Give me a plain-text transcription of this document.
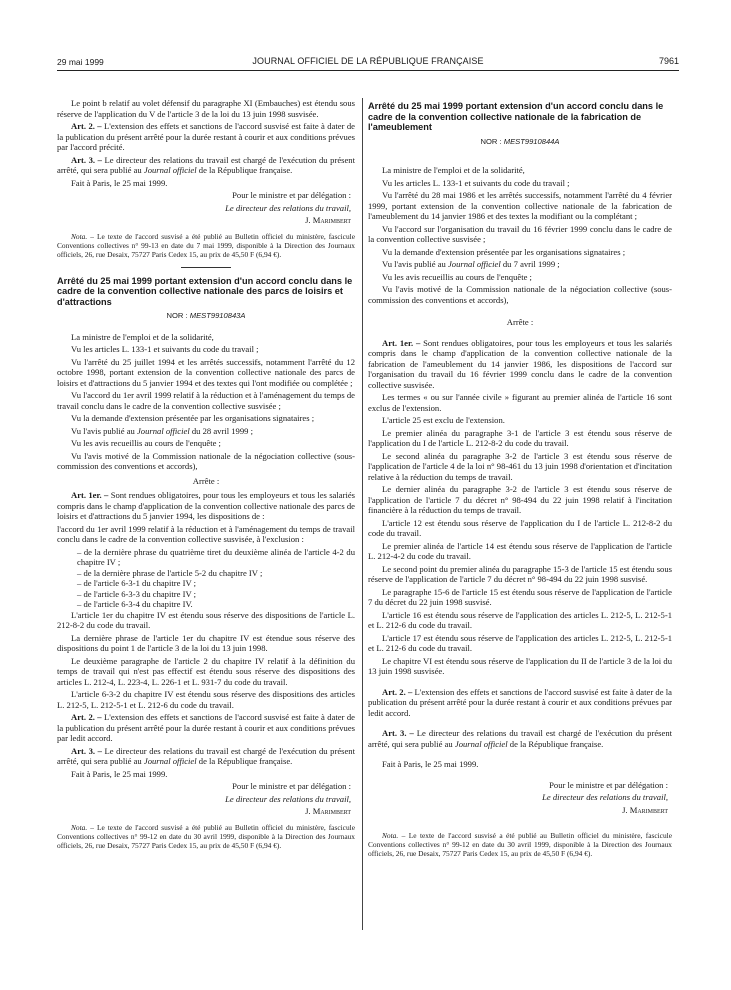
29 mai 1999	JOURNAL OFFICIEL DE LA RÉPUBLIQUE FRANÇAISE	7961

Le point b relatif au volet défensif du paragraphe XI (Embauches) est étendu sous réserve de l'application du V de l'article 3 de la loi du 13 juin 1998 susvisée.

Art. 2. – L'extension des effets et sanctions de l'accord susvisé est faite à dater de la publication du présent arrêté pour la durée restant à courir et aux conditions prévues par l'accord précité.

Art. 3. – Le directeur des relations du travail est chargé de l'exécution du présent arrêté, qui sera publié au Journal officiel de la République française.

Fait à Paris, le 25 mai 1999.

Pour le ministre et par délégation :

Le directeur des relations du travail,

J. Marimbert

Nota. – Le texte de l'accord susvisé a été publié au Bulletin officiel du ministère, fascicule Conventions collectives n° 99-13 en date du 7 mai 1999, disponible à la Direction des Journaux officiels, 26, rue Desaix, 75727 Paris Cedex 15, au prix de 45,50 F (6,94 €).

Arrêté du 25 mai 1999 portant extension d'un accord conclu dans le cadre de la convention collective nationale des parcs de loisirs et d'attractions

NOR : MEST9910843A

La ministre de l'emploi et de la solidarité,

Vu les articles L. 133-1 et suivants du code du travail ;

Vu l'arrêté du 25 juillet 1994 et les arrêtés successifs, notamment l'arrêté du 12 octobre 1998, portant extension de la convention collective nationale des parcs de loisirs et d'attractions du 5 janvier 1994 et des textes qui l'ont modifiée ou complétée ;

Vu l'accord du 1er avril 1999 relatif à la réduction et à l'aménagement du temps de travail conclu dans le cadre de la convention collective susvisée ;

Vu la demande d'extension présentée par les organisations signataires ;

Vu l'avis publié au Journal officiel du 28 avril 1999 ;

Vu les avis recueillis au cours de l'enquête ;

Vu l'avis motivé de la Commission nationale de la négociation collective (sous-commission des conventions et accords),

Arrête :

Art. 1er. – Sont rendues obligatoires, pour tous les employeurs et tous les salariés compris dans le champ d'application de la convention collective nationale des parcs de loisirs et d'attractions du 5 janvier 1994, les dispositions de :

l'accord du 1er avril 1999 relatif à la réduction et à l'aménagement du temps de travail conclu dans le cadre de la convention collective susvisée, à l'exclusion :

– de la dernière phrase du quatrième tiret du deuxième alinéa de l'article 4-2 du chapitre IV ;

– de la dernière phrase de l'article 5-2 du chapitre IV ;

– de l'article 6-3-1 du chapitre IV ;

– de l'article 6-3-3 du chapitre IV ;

– de l'article 6-3-4 du chapitre IV.

L'article 1er du chapitre IV est étendu sous réserve des dispositions de l'article L. 212-8-2 du code du travail.

La dernière phrase de l'article 1er du chapitre IV est étendue sous réserve des dispositions du point 1 de l'article 3 de la loi du 13 juin 1998.

Le deuxième paragraphe de l'article 2 du chapitre IV relatif à la définition du temps de travail qui n'est pas effectif est étendu sous réserve des dispositions des articles L. 212-4, L. 223-4, L. 226-1 et L. 931-7 du code du travail.

L'article 6-3-2 du chapitre IV est étendu sous réserve des dispositions des articles L. 212-5, L. 212-5-1 et L. 212-6 du code du travail.

Art. 2. – L'extension des effets et sanctions de l'accord susvisé est faite à dater de la publication du présent arrêté pour la durée restant à courir et aux conditions prévues par ledit accord.

Art. 3. – Le directeur des relations du travail est chargé de l'exécution du présent arrêté, qui sera publié au Journal officiel de la République française.

Fait à Paris, le 25 mai 1999.

Pour le ministre et par délégation :

Le directeur des relations du travail,

J. Marimbert

Nota. – Le texte de l'accord susvisé a été publié au Bulletin officiel du ministère, fascicule Conventions collectives n° 99-12 en date du 30 avril 1999, disponible à la Direction des Journaux officiels, 26, rue Desaix, 75727 Paris Cedex 15, au prix de 45,50 F (6,94 €).

Arrêté du 25 mai 1999 portant extension d'un accord conclu dans le cadre de la convention collective nationale de la fabrication de l'ameublement

NOR : MEST9910844A

La ministre de l'emploi et de la solidarité,

Vu les articles L. 133-1 et suivants du code du travail ;

Vu l'arrêté du 28 mai 1986 et les arrêtés successifs, notamment l'arrêté du 4 février 1999, portant extension de la convention collective nationale de la fabrication de l'ameublement du 14 janvier 1986 et des textes la modifiant ou la complétant ;

Vu l'accord sur l'organisation du travail du 16 février 1999 conclu dans le cadre de la convention collective susvisée ;

Vu la demande d'extension présentée par les organisations signataires ;

Vu l'avis publié au Journal officiel du 7 avril 1999 ;

Vu les avis recueillis au cours de l'enquête ;

Vu l'avis motivé de la Commission nationale de la négociation collective (sous-commission des conventions et accords),

Arrête :

Art. 1er. – Sont rendues obligatoires, pour tous les employeurs et tous les salariés compris dans le champ d'application de la convention collective nationale de la fabrication de l'ameublement du 14 janvier 1986, les dispositions de l'accord sur l'organisation du travail du 16 février 1999 conclu dans le cadre de la convention collective susvisée.

Les termes « ou sur l'année civile » figurant au premier alinéa de l'article 16 sont exclus de l'extension.

L'article 25 est exclu de l'extension.

Le premier alinéa du paragraphe 3-1 de l'article 3 est étendu sous réserve de l'application du I de l'article L. 212-8-2 du code du travail.

Le second alinéa du paragraphe 3-2 de l'article 3 est étendu sous réserve de l'application de l'article 4 de la loi n° 98-461 du 13 juin 1998 d'orientation et d'incitation relative à la réduction du temps de travail.

Le dernier alinéa du paragraphe 3-2 de l'article 3 est étendu sous réserve de l'application de l'article 7 du décret n° 98-494 du 22 juin 1998 relatif à l'incitation financière à la réduction du temps de travail.

L'article 12 est étendu sous réserve de l'application du I de l'article L. 212-8-2 du code du travail.

Le premier alinéa de l'article 14 est étendu sous réserve de l'application de l'article L. 212-4-2 du code du travail.

Le second point du premier alinéa du paragraphe 15-3 de l'article 15 est étendu sous réserve de l'application de l'article 7 du décret n° 98-494 du 22 juin 1998 susvisé.

Le paragraphe 15-6 de l'article 15 est étendu sous réserve de l'application de l'article 7 du décret du 22 juin 1998 susvisé.

L'article 16 est étendu sous réserve de l'application des articles L. 212-5, L. 212-5-1 et L. 212-6 du code du travail.

L'article 17 est étendu sous réserve de l'application des articles L. 212-5, L. 212-5-1 et L. 212-6 du code du travail.

Le chapitre VI est étendu sous réserve de l'application du II de l'article 3 de la loi du 13 juin 1998 susvisée.

Art. 2. – L'extension des effets et sanctions de l'accord susvisé est faite à dater de la publication du présent arrêté pour la durée restant à courir et aux conditions prévues par ledit accord.

Art. 3. – Le directeur des relations du travail est chargé de l'exécution du présent arrêté, qui sera publié au Journal officiel de la République française.

Fait à Paris, le 25 mai 1999.

Pour le ministre et par délégation :

Le directeur des relations du travail,

J. Marimbert

Nota. – Le texte de l'accord susvisé a été publié au Bulletin officiel du ministère, fascicule Conventions collectives n° 99-12 en date du 30 avril 1999, disponible à la Direction des Journaux officiels, 26, rue Desaix, 75727 Paris Cedex 15, au prix de 45,50 F (6,94 €).
